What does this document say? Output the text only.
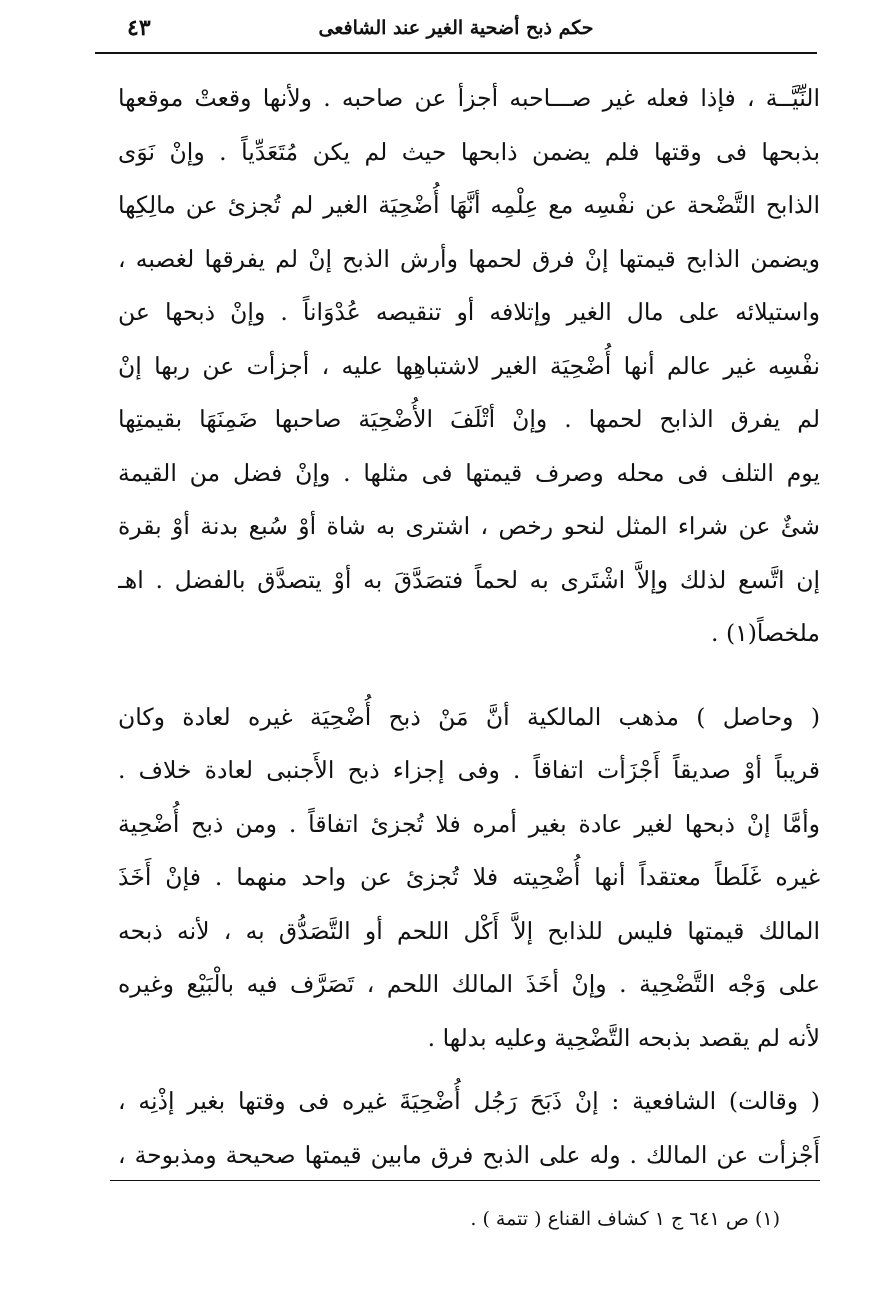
حكم ذبح أضحية الغير عند الشافعى
٤٣
النِّيَّــة ، فإذا فعله غير صـــاحبه أجزأ عن صاحبه . ولأنها وقعتْ موقعها
بذبحها فى وقتها فلم يضمن ذابحها حيث لم يكن مُتَعَدِّياً . وإنْ نَوَى
الذابح التَّضْحة عن نفْسِه مع عِلْمِه أنَّهَا أُضْحِيَة الغير لم تُجزئ عن مالِكِها
ويضمن الذابح قيمتها إنْ فرق لحمها وأرش الذبح إنْ لم يفرقها لغصبه ،
واستيلائه على مال الغير وإتلافه أو تنقيصه عُدْوَاناً . وإنْ ذبحها عن
نفْسِه غير عالم أنها أُضْحِيَة الغير لاشتباهِها عليه ، أجزأت عن ربها إنْ
لم يفرق الذابح لحمها . وإنْ أتْلَفَ الأُضْحِيَة صاحبها ضَمِنَهَا بقيمتِها
يوم التلف فى محله وصرف قيمتها فى مثلها . وإنْ فضل من القيمة
شئٌ عن شراء المثل لنحو رخص ، اشترى به شاة أوْ سُبع بدنة أوْ بقرة
إن اتَّسع لذلك وإلاَّ اشْتَرى به لحماً فتصَدَّقَ به أوْ يتصدَّق بالفضل . اهـ
ملخصاً(١) .
( وحاصل ) مذهب المالكية أنَّ مَنْ ذبح أُضْحِيَة غيره لعادة وكان
قريباً أوْ صديقاً أَجْزَأت اتفاقاً . وفى إجزاء ذبح الأَجنبى لعادة خلاف .
وأمَّا إنْ ذبحها لغير عادة بغير أمره فلا تُجزئ اتفاقاً . ومن ذبح أُضْحِية
غيره غَلَطاً معتقداً أنها أُضْحِيته فلا تُجزئ عن واحد منهما . فإنْ أَخَذَ
المالك قيمتها فليس للذابح إلاَّ أَكْل اللحم أو التَّصَدُّق به ، لأنه ذبحه
على وَجْه التَّضْحِية . وإنْ أخَذَ المالك اللحم ، تَصَرَّف فيه بالْبَيْع وغيره
لأنه لم يقصد بذبحه التَّضْحِية وعليه بدلها .
( وقالت) الشافعية : إنْ ذَبَحَ رَجُل أُضْحِيَةَ غيره فى وقتها بغير إذْنِه ،
أَجْزأت عن المالك . وله على الذبح فرق مابين قيمتها صحيحة ومذبوحة ،
(١) ص ٦٤١ ج ١ كشاف القناع ( تتمة ) .
